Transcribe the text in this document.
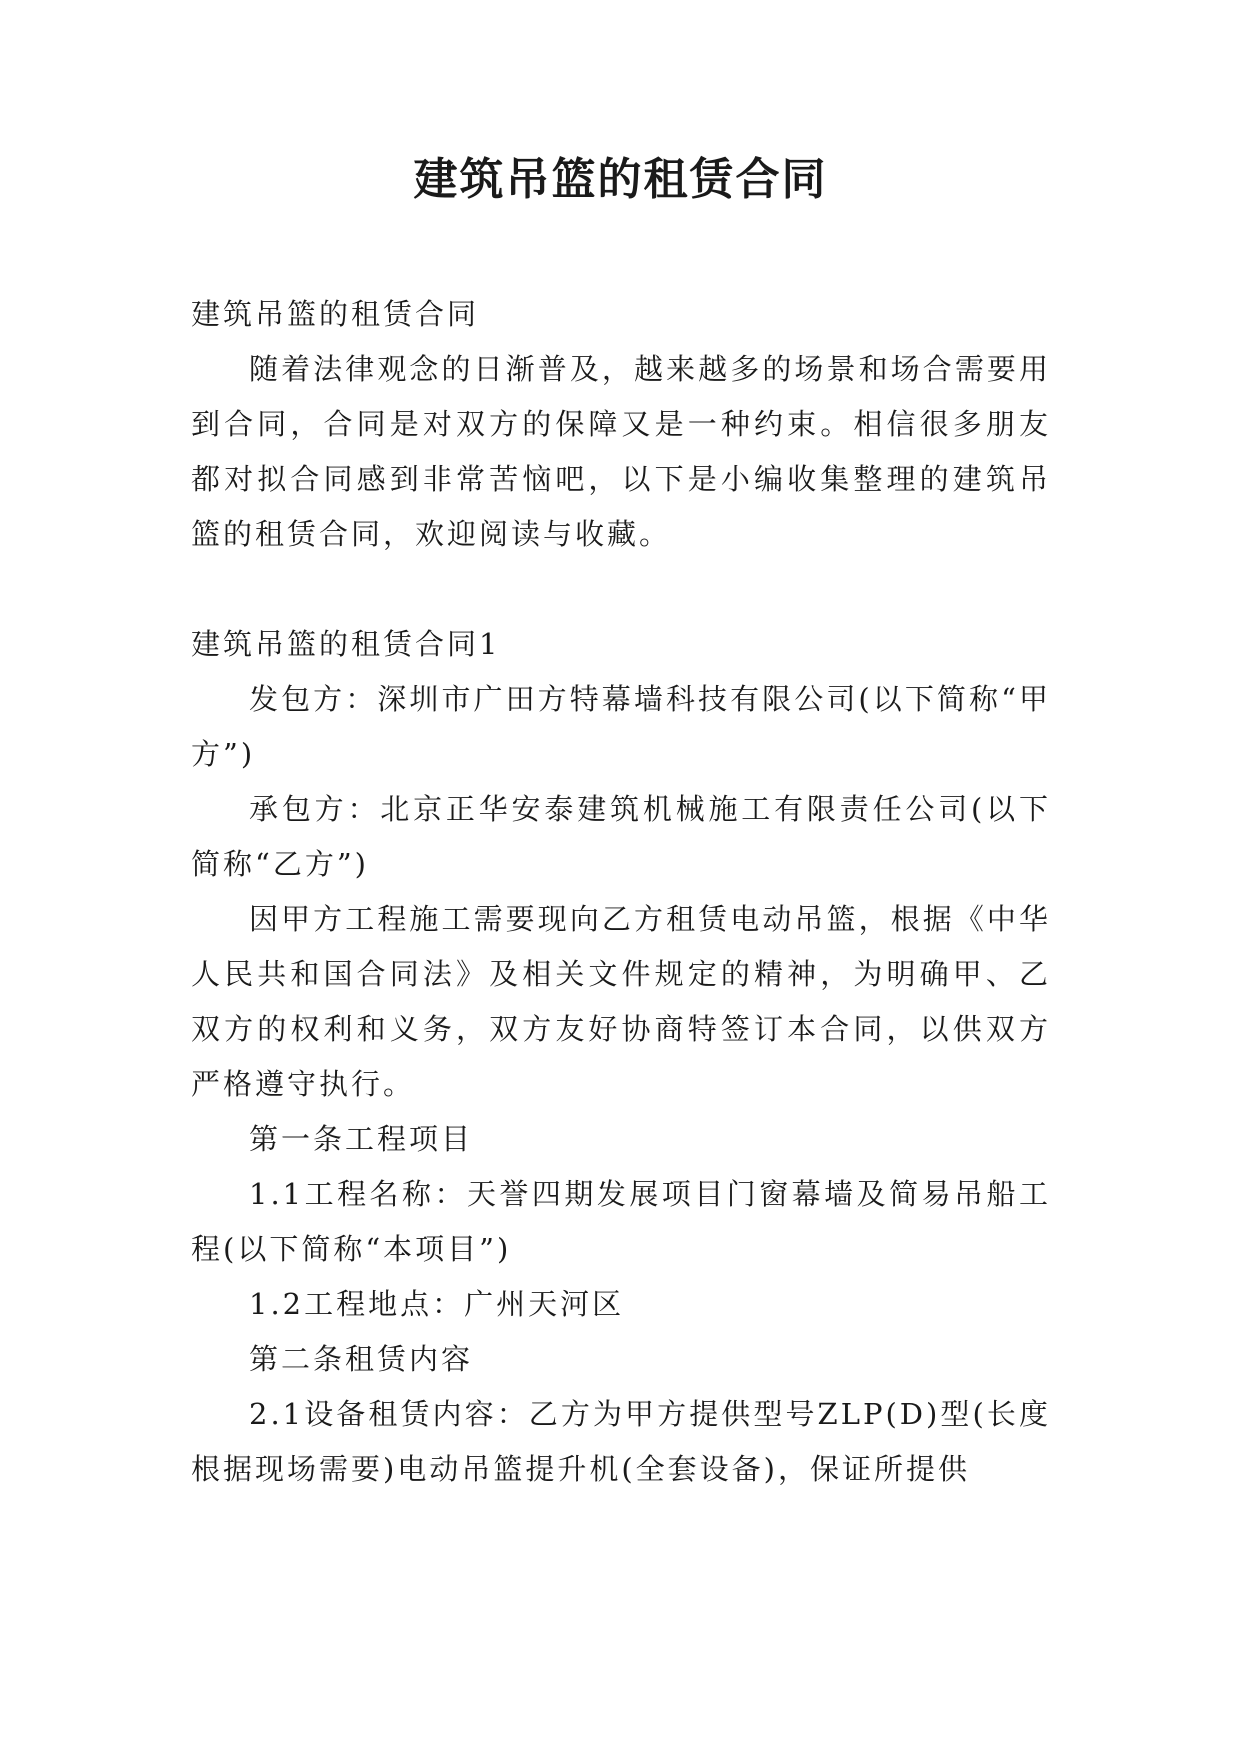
建筑吊篮的租赁合同

建筑吊篮的租赁合同

随着法律观念的日渐普及，越来越多的场景和场合需要用到合同，合同是对双方的保障又是一种约束。相信很多朋友都对拟合同感到非常苦恼吧，以下是小编收集整理的建筑吊篮的租赁合同，欢迎阅读与收藏。

建筑吊篮的租赁合同1

发包方：深圳市广田方特幕墙科技有限公司(以下简称“甲方”)

承包方：北京正华安泰建筑机械施工有限责任公司(以下简称“乙方”)

因甲方工程施工需要现向乙方租赁电动吊篮，根据《中华人民共和国合同法》及相关文件规定的精神，为明确甲、乙双方的权利和义务，双方友好协商特签订本合同，以供双方严格遵守执行。

第一条工程项目

1.1工程名称：天誉四期发展项目门窗幕墙及简易吊船工程(以下简称“本项目”)

1.2工程地点：广州天河区

第二条租赁内容

2.1设备租赁内容：乙方为甲方提供型号ZLP(D)型(长度根据现场需要)电动吊篮提升机(全套设备)，保证所提供
